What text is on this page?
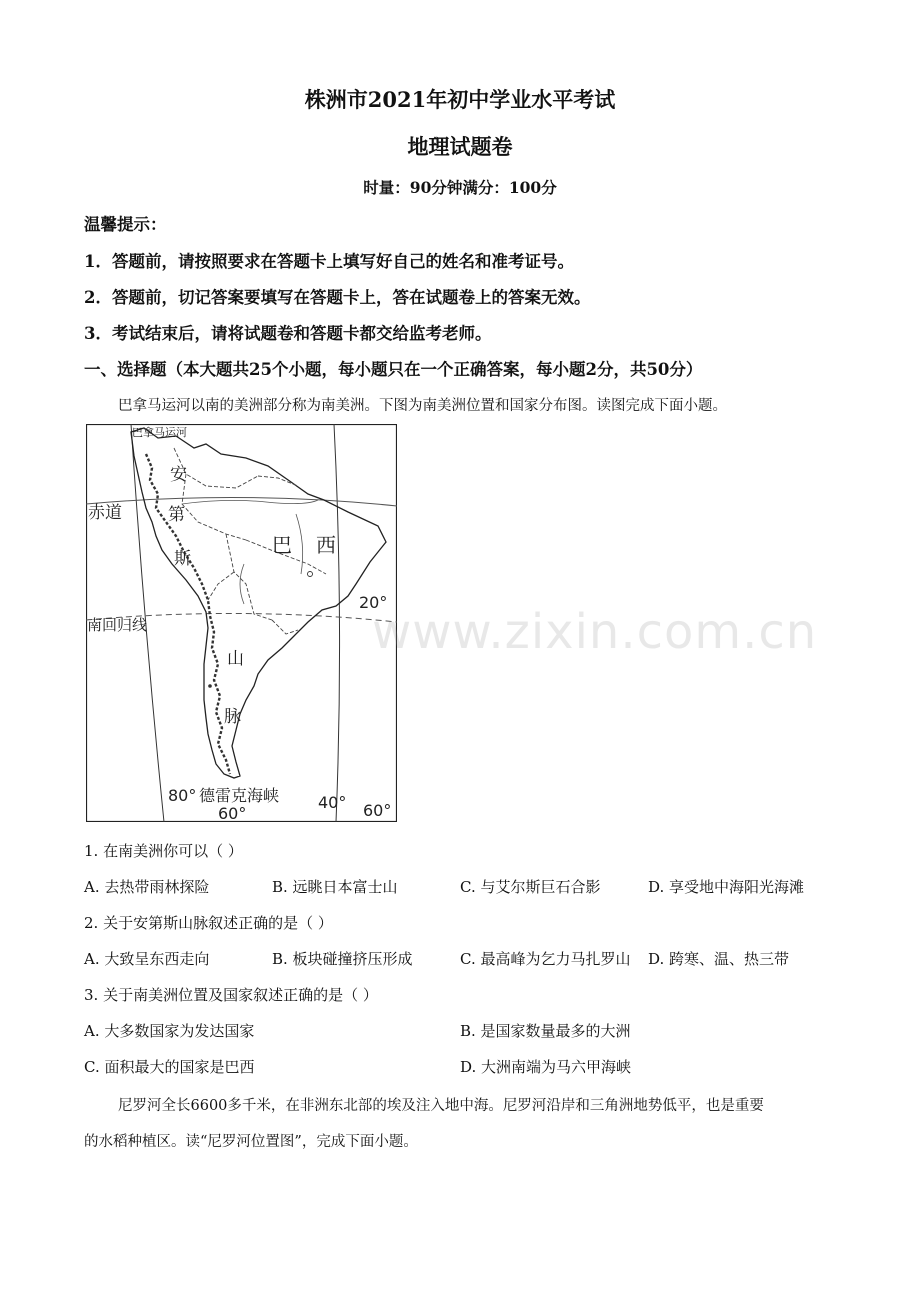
株洲市2021年初中学业水平考试
地理试题卷
时量：90分钟满分：100分
温馨提示：
1．答题前，请按照要求在答题卡上填写好自己的姓名和准考证号。
2．答题前，切记答案要填写在答题卡上，答在试题卷上的答案无效。
3．考试结束后，请将试题卷和答题卡都交给监考老师。
一、选择题（本大题共25个小题，每小题只在一个正确答案，每小题2分，共50分）
巴拿马运河以南的美洲部分称为南美洲。下图为南美洲位置和国家分布图。读图完成下面小题。
巴拿马运河
安
第
斯
山
脉
巴 西
赤道
南回归线
20°
80° 德雷克海峡
60°
40° 60°
www.zixin.com.cn
1. 在南美洲你可以（ ）
A. 去热带雨林探险	B. 远眺日本富士山	C. 与艾尔斯巨石合影	D. 享受地中海阳光海滩
2. 关于安第斯山脉叙述正确的是（ ）
A. 大致呈东西走向	B. 板块碰撞挤压形成	C. 最高峰为乞力马扎罗山 D. 跨寒、温、热三带
3. 关于南美洲位置及国家叙述正确的是（ ）
A. 大多数国家为发达国家	B. 是国家数量最多的大洲
C. 面积最大的国家是巴西	D. 大洲南端为马六甲海峡
尼罗河全长6600多千米，在非洲东北部的埃及注入地中海。尼罗河沿岸和三角洲地势低平，也是重要
的水稻种植区。读“尼罗河位置图”，完成下面小题。
